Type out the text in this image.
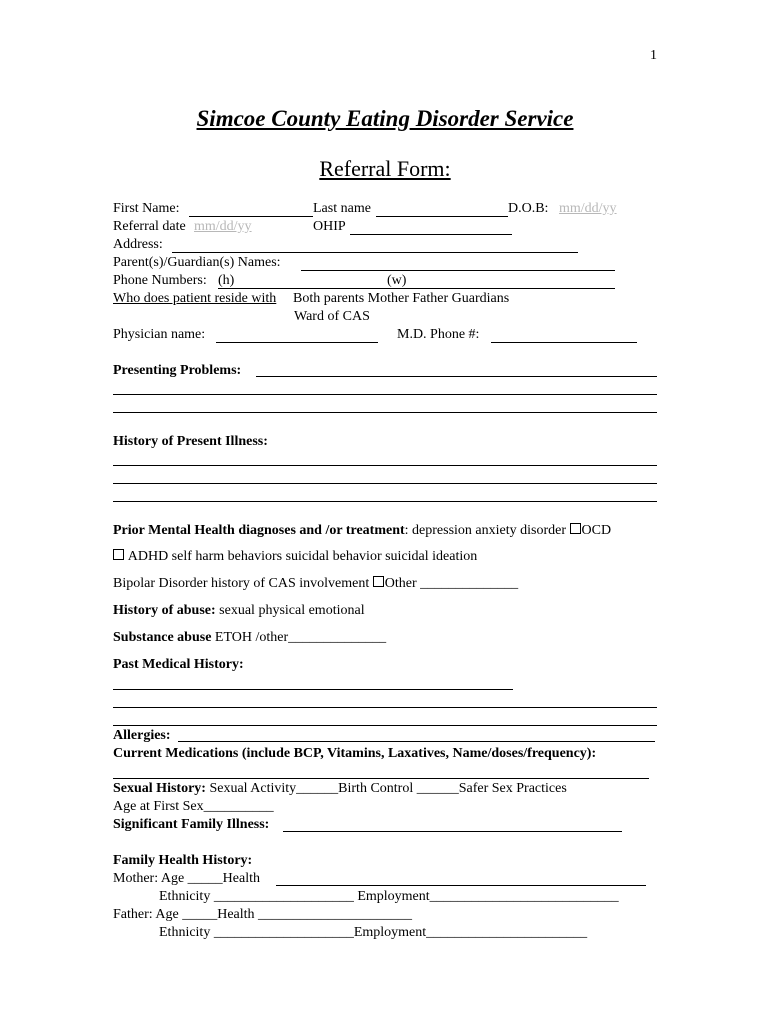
1
Simcoe County Eating Disorder Service
Referral Form:
First Name:	Last name	D.O.B: mm/dd/yy
Referral date mm/dd/yy	OHIP
Address:
Parent(s)/Guardian(s) Names:
Phone Numbers: (h)	(w)
Who does patient reside with Both parents Mother Father Guardians
Ward of CAS
Physician name:	M.D. Phone #:
Presenting Problems:
History of Present Illness:
Prior Mental Health diagnoses and /or treatment: depression anxiety disorder OCD
ADHD self harm behaviors suicidal behavior suicidal ideation
Bipolar Disorder history of CAS involvement Other ______________
History of abuse: sexual physical emotional
Substance abuse ETOH /other______________
Past Medical History:
Allergies:
Current Medications (include BCP, Vitamins, Laxatives, Name/doses/frequency):
Sexual History: Sexual Activity______Birth Control ______Safer Sex Practices
Age at First Sex__________
Significant Family Illness:
Family Health History:
Mother: Age _____Health
Ethnicity ____________________ Employment___________________________
Father: Age _____Health ______________________
Ethnicity ____________________Employment_______________________
